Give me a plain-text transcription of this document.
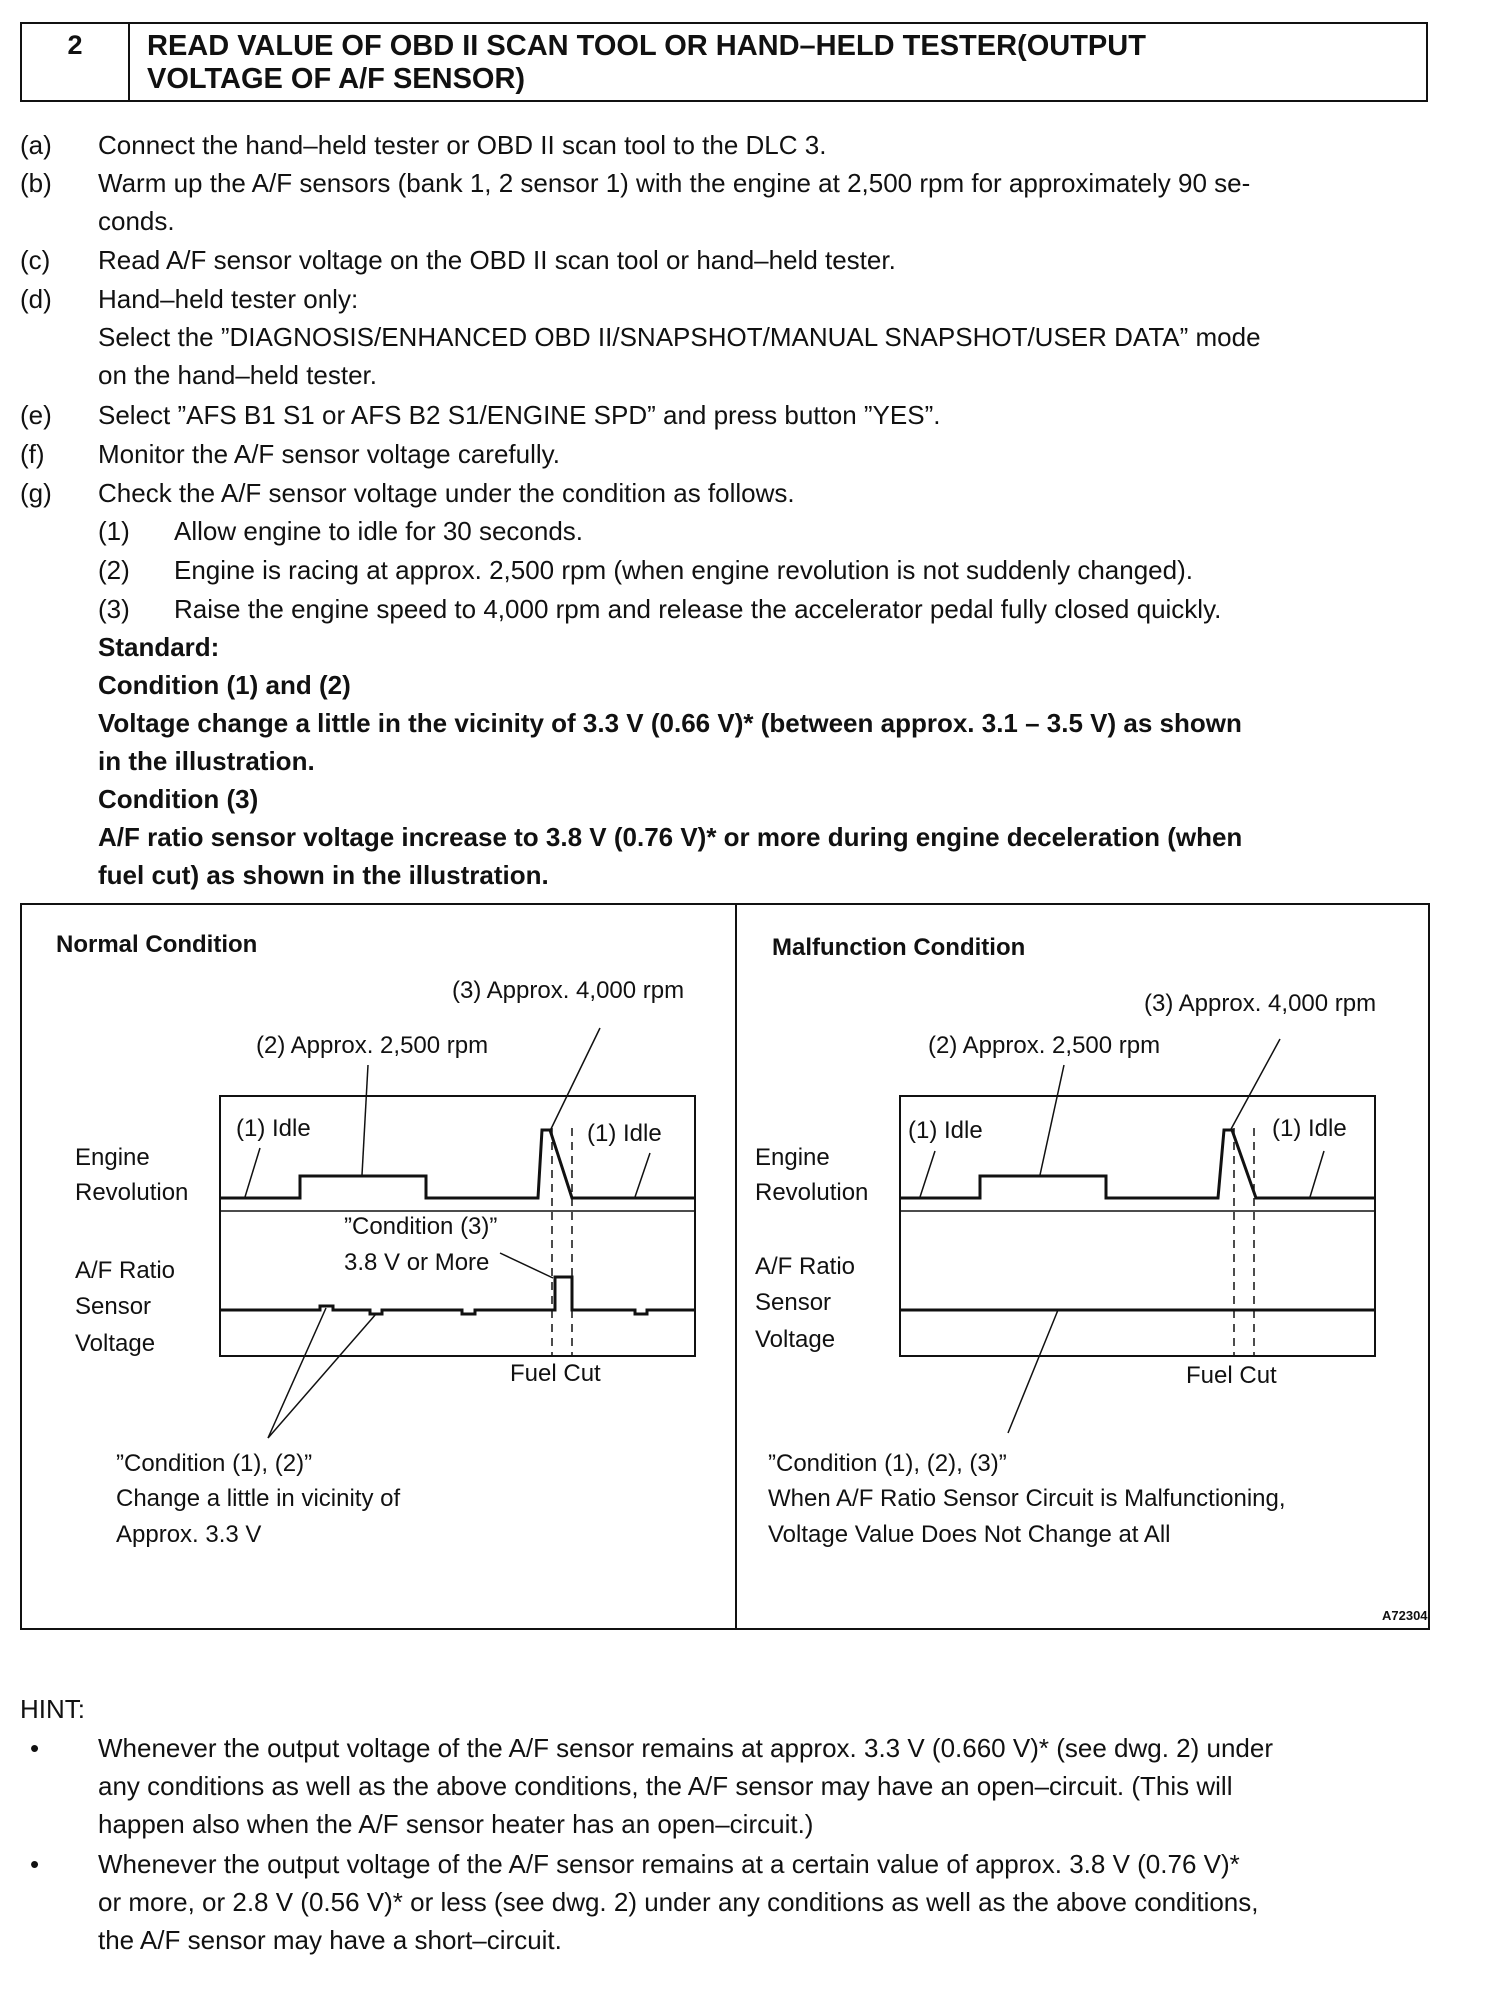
2	READ VALUE OF OBD II SCAN TOOL OR HAND–HELD TESTER(OUTPUT
VOLTAGE OF A/F SENSOR)
(a)	Connect the hand–held tester or OBD II scan tool to the DLC 3.
(b)	Warm up the A/F sensors (bank 1, 2 sensor 1) with the engine at 2,500 rpm for approximately 90 se-
conds.
(c)	Read A/F sensor voltage on the OBD II scan tool or hand–held tester.
(d)	Hand–held tester only:
Select the ”DIAGNOSIS/ENHANCED OBD II/SNAPSHOT/MANUAL SNAPSHOT/USER DATA” mode
on the hand–held tester.
(e)	Select ”AFS B1 S1 or AFS B2 S1/ENGINE SPD” and press button ”YES”.
(f)	Monitor the A/F sensor voltage carefully.
(g)	Check the A/F sensor voltage under the condition as follows.
(1) Allow engine to idle for 30 seconds.
(2) Engine is racing at approx. 2,500 rpm (when engine revolution is not suddenly changed).
(3) Raise the engine speed to 4,000 rpm and release the accelerator pedal fully closed quickly.
Standard:
Condition (1) and (2)
Voltage change a little in the vicinity of 3.3 V (0.66 V)* (between approx. 3.1 – 3.5 V) as shown
in the illustration.
Condition (3)
A/F ratio sensor voltage increase to 3.8 V (0.76 V)* or more during engine deceleration (when
fuel cut) as shown in the illustration.
Normal Condition
(3) Approx. 4,000 rpm
(2) Approx. 2,500 rpm
(1) Idle	(1) Idle
Engine
Revolution
A/F Ratio
Sensor
Voltage
”Condition (3)”
3.8 V or More
Fuel Cut
”Condition (1), (2)”
Change a little in vicinity of
Approx. 3.3 V
Malfunction Condition
(3) Approx. 4,000 rpm
(2) Approx. 2,500 rpm
(1) Idle	(1) Idle
Engine
Revolution
A/F Ratio
Sensor
Voltage
Fuel Cut
”Condition (1), (2), (3)”
When A/F Ratio Sensor Circuit is Malfunctioning,
Voltage Value Does Not Change at All
A72304
HINT:
• Whenever the output voltage of the A/F sensor remains at approx. 3.3 V (0.660 V)* (see dwg. 2) under
any conditions as well as the above conditions, the A/F sensor may have an open–circuit. (This will
happen also when the A/F sensor heater has an open–circuit.)
• Whenever the output voltage of the A/F sensor remains at a certain value of approx. 3.8 V (0.76 V)*
or more, or 2.8 V (0.56 V)* or less (see dwg. 2) under any conditions as well as the above conditions,
the A/F sensor may have a short–circuit.
